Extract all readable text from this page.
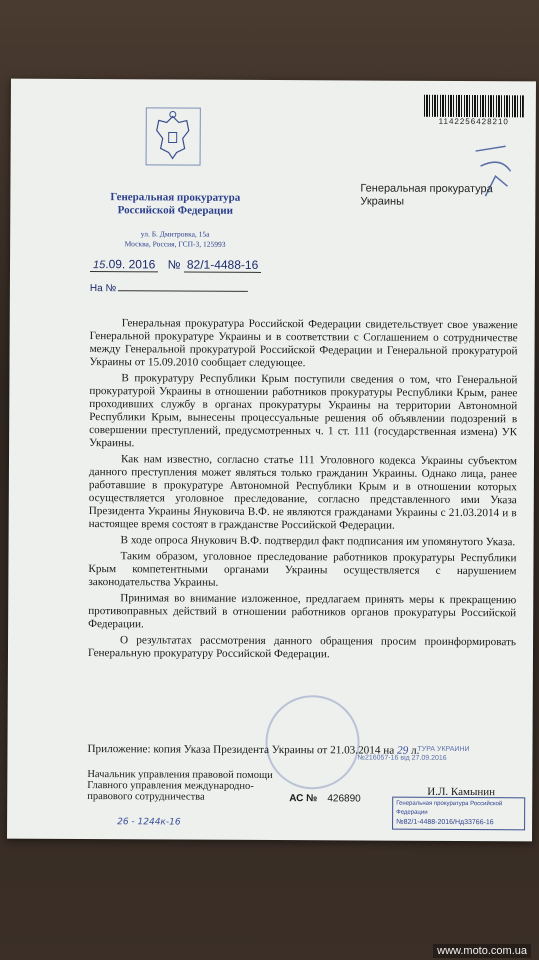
1142256428210
Генеральная прокуратура
Российской Федерации
ул. Б. Дмитровка, 15а
Москва, Россия, ГСП-3, 125993
Генеральная прокуратура
Украины
15.09. 2016 № 82/1-4488-16
На №

Генеральная прокуратура Российской Федерации свидетельствует свое уважение Генеральной прокуратуре Украины и в соответствии с Соглашением о сотрудничестве между Генеральной прокуратурой Российской Федерации и Генеральной прокуратурой Украины от 15.09.2010 сообщает следующее.

В прокуратуру Республики Крым поступили сведения о том, что Генеральной прокуратурой Украины в отношении работников прокуратуры Республики Крым, ранее проходивших службу в органах прокуратуры Украины на территории Автономной Республики Крым, вынесены процессуальные решения об объявлении подозрений в совершении преступлений, предусмотренных ч. 1 ст. 111 (государственная измена) УК Украины.

Как нам известно, согласно статье 111 Уголовного кодекса Украины субъектом данного преступления может являться только гражданин Украины. Однако лица, ранее работавшие в прокуратуре Автономной Республики Крым и в отношении которых осуществляется уголовное преследование, согласно представленного ими Указа Президента Украины Януковича В.Ф. не являются гражданами Украины с 21.03.2014 и в настоящее время состоят в гражданстве Российской Федерации.

В ходе опроса Янукович В.Ф. подтвердил факт подписания им упомянутого Указа.

Таким образом, уголовное преследование работников прокуратуры Республики Крым компетентными органами Украины осуществляется с нарушением законодательства Украины.

Принимая во внимание изложенное, предлагаем принять меры к прекращению противоправных действий в отношении работников органов прокуратуры Российской Федерации.

О результатах рассмотрения данного обращения просим проинформировать Генеральную прокуратуру Российской Федерации.

ТУРА УКРАИНИ
№216057-16 від 27.09.2016
Приложение: копия Указа Президента Украины от 21.03.2014 на 29 л.
Начальник управления правовой помощи
Главного управления международно-
правового сотрудничества	АС № 426890
И.Л. Камынин
Генеральная прокуратура Российской Федерации
№82/1-4488-2016/Нд33766-16
26 - 1244к-16
www.moto.com.ua
